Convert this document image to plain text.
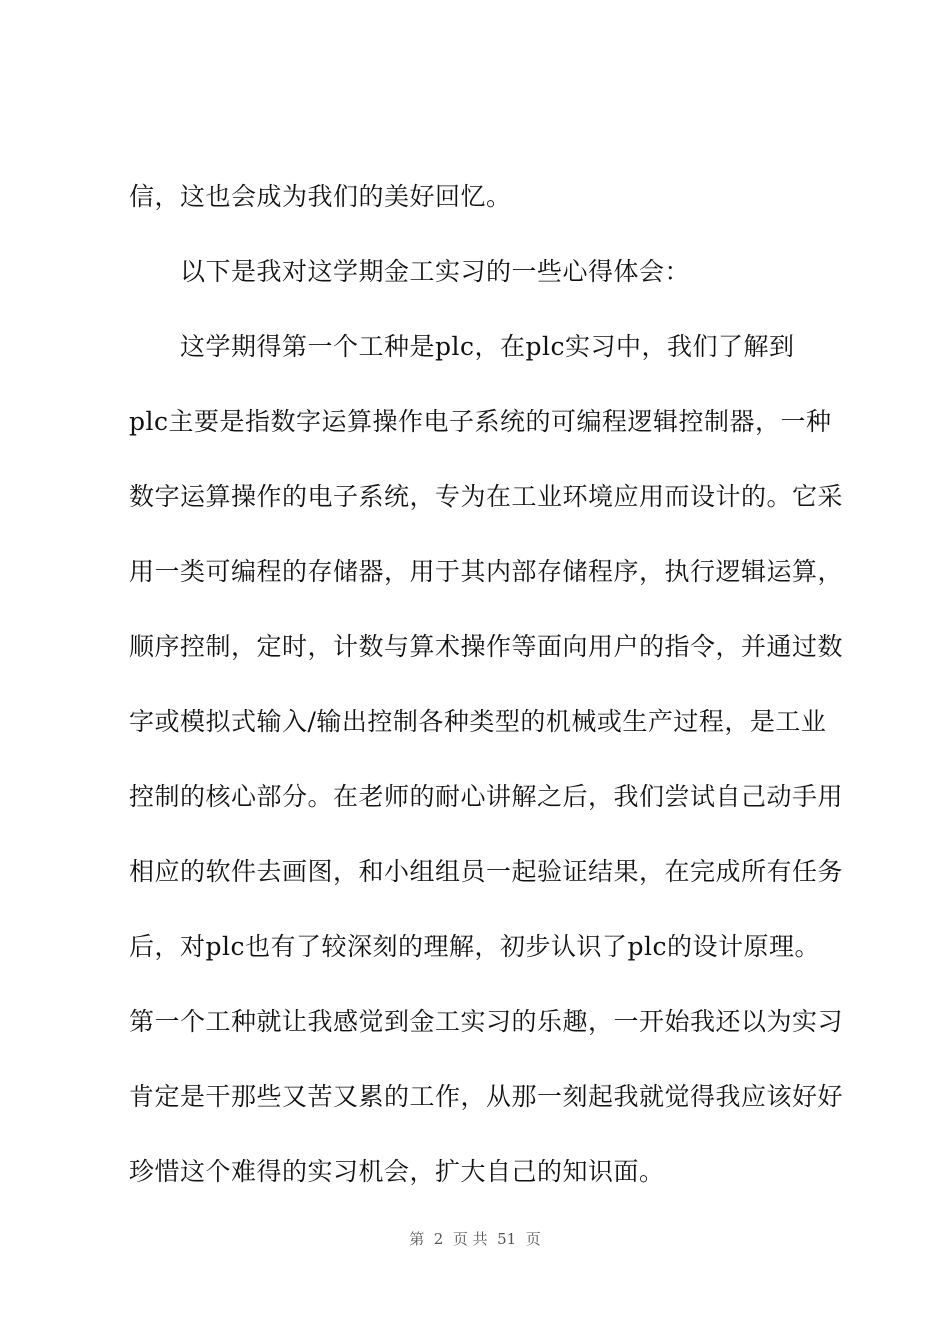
信，这也会成为我们的美好回忆。
以下是我对这学期金工实习的一些心得体会：
这学期得第一个工种是plc，在plc实习中，我们了解到
plc主要是指数字运算操作电子系统的可编程逻辑控制器，一种
数字运算操作的电子系统，专为在工业环境应用而设计的。它采
用一类可编程的存储器，用于其内部存储程序，执行逻辑运算，
顺序控制，定时，计数与算术操作等面向用户的指令，并通过数
字或模拟式输入/输出控制各种类型的机械或生产过程，是工业
控制的核心部分。在老师的耐心讲解之后，我们尝试自己动手用
相应的软件去画图，和小组组员一起验证结果，在完成所有任务
后，对plc也有了较深刻的理解，初步认识了plc的设计原理。
第一个工种就让我感觉到金工实习的乐趣，一开始我还以为实习
肯定是干那些又苦又累的工作，从那一刻起我就觉得我应该好好
珍惜这个难得的实习机会，扩大自己的知识面。
第  2  页 共  51  页
